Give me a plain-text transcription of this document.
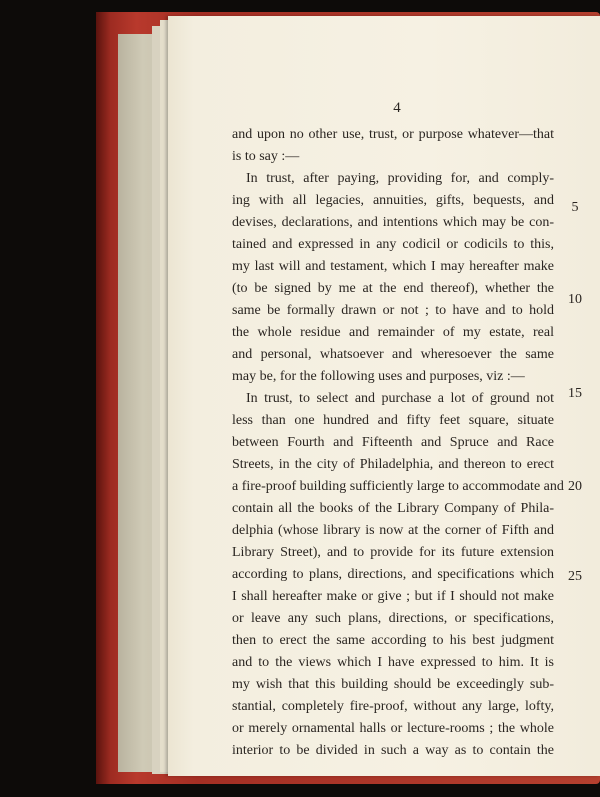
4
and upon no other use, trust, or purpose whatever—that
is to say :—
In trust, after paying, providing for, and comply-
ing with all legacies, annuities, gifts, bequests, and
devises, declarations, and intentions which may be con-
tained and expressed in any codicil or codicils to this,
my last will and testament, which I may hereafter make
(to be signed by me at the end thereof), whether the
same be formally drawn or not ; to have and to hold
the whole residue and remainder of my estate, real
and personal, whatsoever and wheresoever the same
may be, for the following uses and purposes, viz :—
In trust, to select and purchase a lot of ground not
less than one hundred and fifty feet square, situate
between Fourth and Fifteenth and Spruce and Race
Streets, in the city of Philadelphia, and thereon to erect
a fire-proof building sufficiently large to accommodate and
contain all the books of the Library Company of Phila-
delphia (whose library is now at the corner of Fifth and
Library Street), and to provide for its future extension
according to plans, directions, and specifications which
I shall hereafter make or give ; but if I should not make
or leave any such plans, directions, or specifications,
then to erect the same according to his best judgment
and to the views which I have expressed to him. It is
my wish that this building should be exceedingly sub-
stantial, completely fire-proof, without any large, lofty,
or merely ornamental halls or lecture-rooms ; the whole
interior to be divided in such a way as to contain the
5
10
15
20
25
